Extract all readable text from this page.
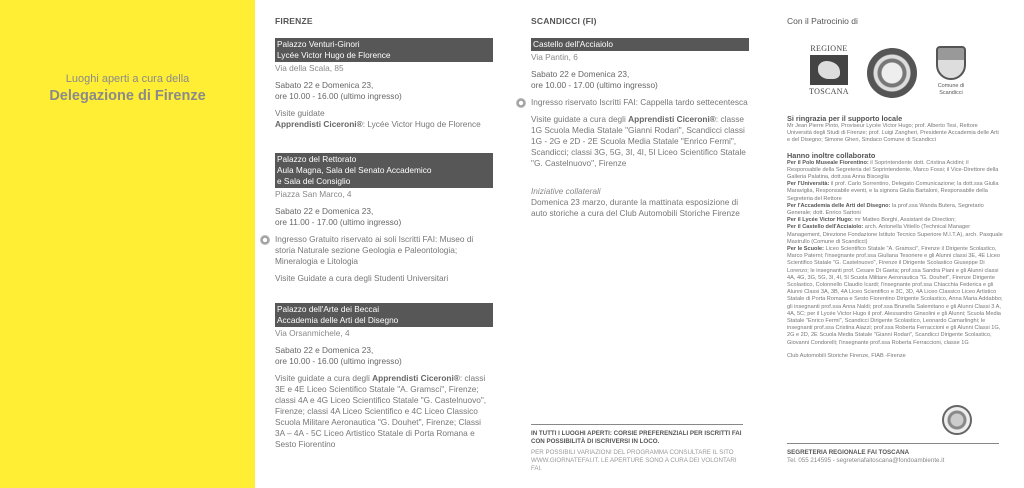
Luoghi aperti a cura della
Delegazione di Firenze
FIRENZE
Palazzo Venturi-Ginori
Lycée Victor Hugo de Florence
Via della Scala, 85
Sabato 22 e Domenica 23,
ore 10.00 - 16.00 (ultimo ingresso)
Visite guidate
Apprendisti Ciceroni®: Lycée Victor Hugo de Florence
Palazzo del Rettorato
Aula Magna, Sala del Senato Accademico
e Sala del Consiglio
Piazza San Marco, 4
Sabato 22 e Domenica 23,
ore 11.00 - 17.00 (ultimo ingresso)
Ingresso Gratuito riservato ai soli Iscritti FAI: Museo di storia Naturale sezione Geologia e Paleontologia; Mineralogia e Litologia
Visite Guidate a cura degli Studenti Universitari
Palazzo dell'Arte dei Beccai
Accademia delle Arti del Disegno
Via Orsanmichele, 4
Sabato 22 e Domenica 23,
ore 10.00 - 16.00 (ultimo ingresso)
Visite guidate a cura degli Apprendisti Ciceroni®: classi 3E e 4E Liceo Scientifico Statale "A. Gramsci", Firenze; classi 4A e 4G Liceo Scientifico Statale "G. Castelnuovo", Firenze; classi 4A Liceo Scientifico e 4C Liceo Classico Scuola Militare Aeronautica "G. Douhet", Firenze; Classi 3A – 4A - 5C Liceo Artistico Statale di Porta Romana e Sesto Fiorentino
SCANDICCI (FI)
Castello dell'Acciaiolo
Via Pantin, 6
Sabato 22 e Domenica 23,
ore 10.00 - 17.00 (ultimo ingresso)
Ingresso riservato Iscritti FAI: Cappella tardo settecentesca
Visite guidate a cura degli Apprendisti Ciceroni®: classe 1G Scuola Media Statale "Gianni Rodari", Scandicci classi 1G - 2G e 2D - 2E Scuola Media Statale "Enrico Fermi", Scandicci; classi 3G, 5G, 3I, 4I, 5I Liceo Scientifico Statale "G. Castelnuovo", Firenze
Iniziative collaterali
Domenica 23 marzo, durante la mattinata esposizione di auto storiche a cura del Club Automobili Storiche Firenze
IN TUTTI I LUOGHI APERTI: CORSIE PREFERENZIALI PER ISCRITTI FAI CON POSSIBILITÀ DI ISCRIVERSI IN LOCO.
PER POSSIBILI VARIAZIONI DEL PROGRAMMA CONSULTARE IL SITO WWW.GIORNATEFAI.IT. LE APERTURE SONO A CURA DEI VOLONTARI FAI.
Con il Patrocinio di
REGIONE
TOSCANA
Comune di Scandicci
Si ringrazia per il supporto locale
Mr Jean Pierre Pinto, Proviseur Lycée Victor Hugo; prof. Alberto Tesi, Rettore Università degli Studi di Firenze; prof. Luigi Zangheri, Presidente Accademia delle Arti e del Disegno; Simone Gheri, Sindaco Comune di Scandicci
Hanno inoltre collaborato
Per il Polo Museale Fiorentino: il Soprintendente dott. Cristina Acidini; il Responsabile della Segreteria del Soprintendente, Marco Fossi; il Vice-Direttore della Galleria Palatina, dott.ssa Anna Bisceglia
Per l'Università: il prof. Carlo Sorrentino, Delegato Comunicazione; la dott.ssa Giulia Maraviglia, Responsabile eventi, e la signora Giulia Bartaloni, Responsabile della Segreteria del Rettore
Per l'Accademia delle Arti del Disegno: la prof.ssa Wanda Butera, Segretario Generale; dott. Enrico Sartoni
Per il Lycée Victor Hugo: mr Matteo Borghi, Assistant de Direction;
Per il Castello dell'Acciaiolo: arch. Antonella Vitiello (Technical Manager Management, Direzione Fondazione Istituto Tecnico Superiore M.I.T.A), arch. Pasquale Mastrullo (Comune di Scandicci)
Per le Scuole: Liceo Scientifico Statale "A. Gramsci", Firenze il Dirigente Scolastico, Marco Paterni; l'insegnante prof.ssa Giuliana Tesoriere e gli Alunni classi 3E, 4E Liceo Scientifico Statale "G. Castelnuovo", Firenze il Dirigente Scolastico Giuseppe Di Lorenzo; le insegnanti prof. Cesare Di Gaeta; prof.ssa Sandra Piani e gli Alunni classi 4A, 4G, 3G, 5G, 3I, 4I, 5I Scuola Militare Aeronautica "G. Douhet", Firenze Dirigente Scolastico, Colonnello Claudio Icardi; l'insegnante prof.ssa Chiacchia Federica e gli Alunni Classi 3A, 3B, 4A Liceo Scientifico e 3C, 3D, 4A Liceo Classico Liceo Artistico Statale di Porta Romana e Sesto Fiorentino Dirigente Scolastico, Anna Maria Addabbo; gli insegnanti prof.ssa Anna Naldi; prof.ssa Brunella Salemitano e gli Alunni Classi 3 A, 4A, 5C; per il Lycée Victor Hugo il prof. Alessandro Ginsolini e gli Alunni; Scuola Media Statale "Enrico Fermi", Scandicci Dirigente Scolastico, Leonardo Camarlinghi; le insegnanti prof.ssa Cristina Aiazzi; prof.ssa Roberta Ferraccioni e gli Alunni Classi 1G, 2G e 2D, 2E Scuola Media Statale "Gianni Rodari", Scandicci Dirigente Scolastico, Giovanni Condorelli; l'insegnante prof.ssa Roberta Ferraccioni, classe 1G
Club Automobili Storiche Firenze, FIAB -Firenze
SEGRETERIA REGIONALE FAI TOSCANA
Tel. 055 214595 - segreteriafaitoscana@fondoambiente.it
